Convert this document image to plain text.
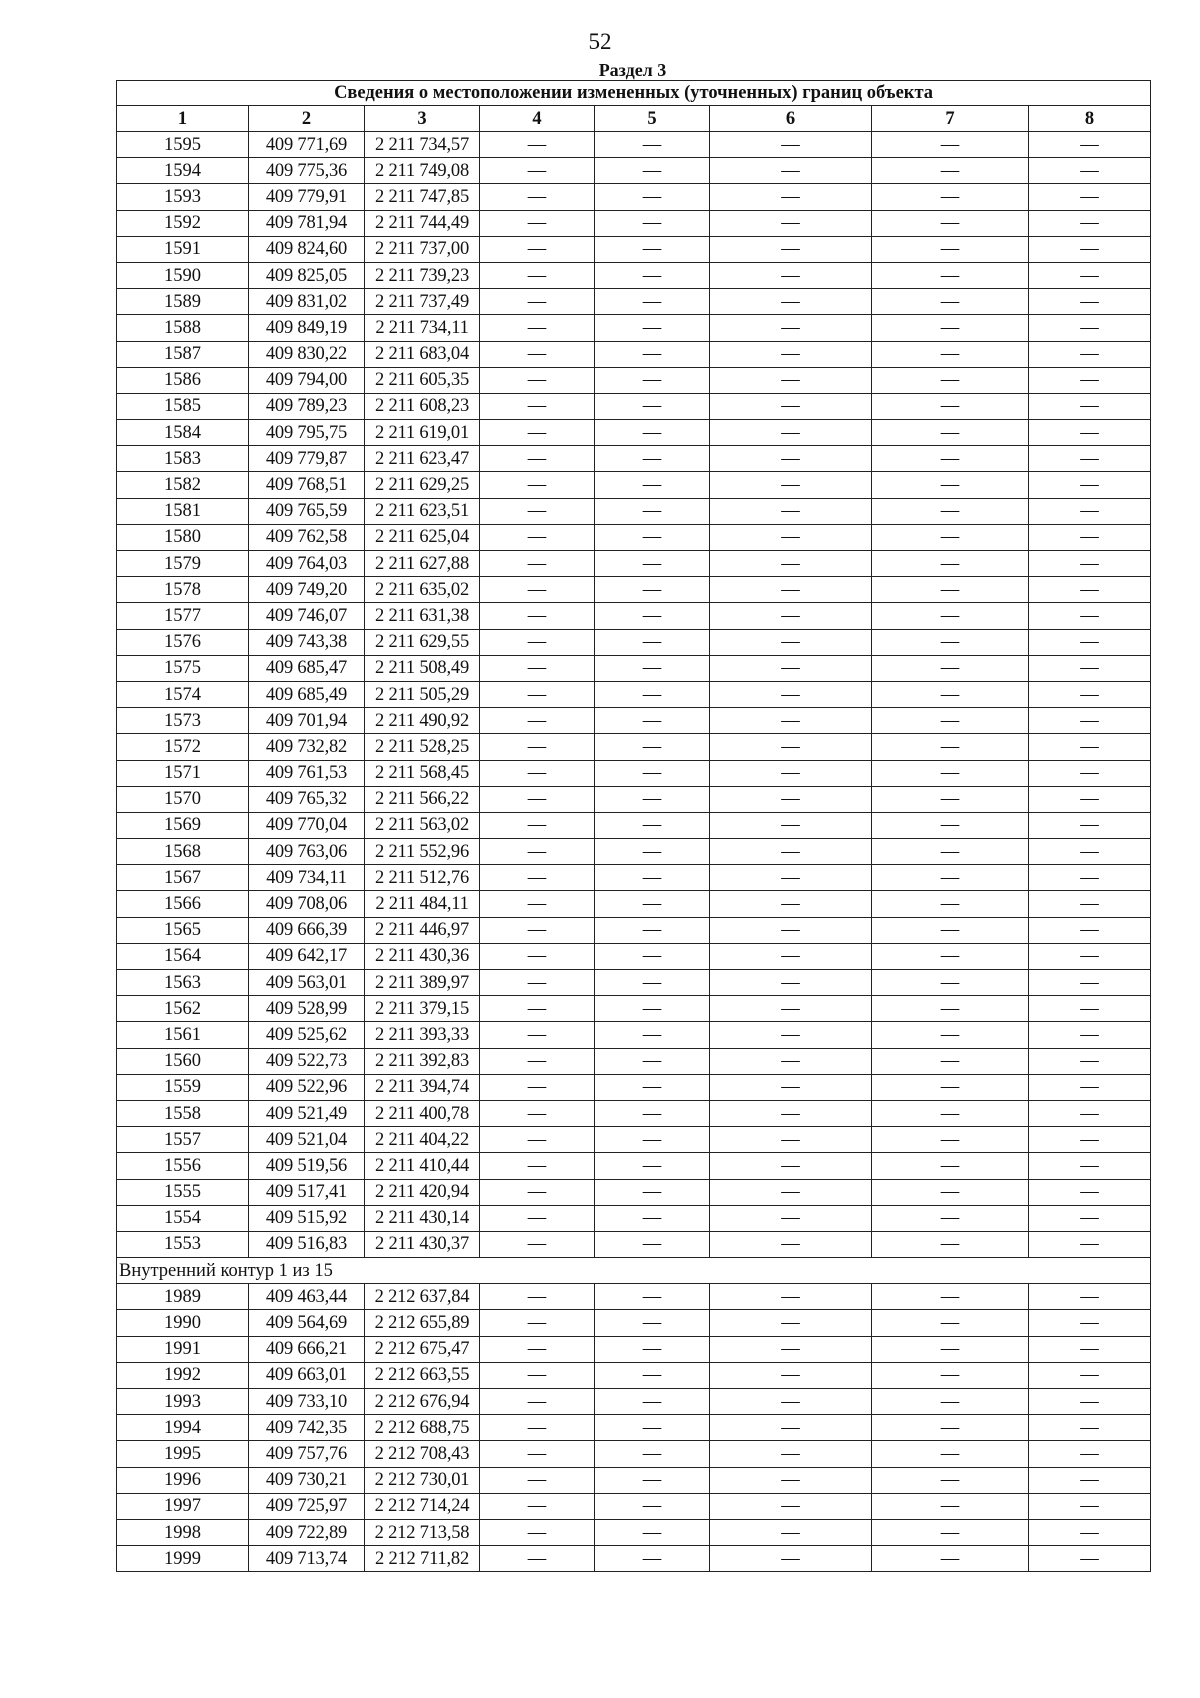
52
Раздел 3
Сведения о местоположении измененных (уточненных) границ объекта							
1	2	3	4	5	6	7	8
1595	409 771,69	2 211 734,57	—	—	—	—	—
1594	409 775,36	2 211 749,08	—	—	—	—	—
1593	409 779,91	2 211 747,85	—	—	—	—	—
1592	409 781,94	2 211 744,49	—	—	—	—	—
1591	409 824,60	2 211 737,00	—	—	—	—	—
1590	409 825,05	2 211 739,23	—	—	—	—	—
1589	409 831,02	2 211 737,49	—	—	—	—	—
1588	409 849,19	2 211 734,11	—	—	—	—	—
1587	409 830,22	2 211 683,04	—	—	—	—	—
1586	409 794,00	2 211 605,35	—	—	—	—	—
1585	409 789,23	2 211 608,23	—	—	—	—	—
1584	409 795,75	2 211 619,01	—	—	—	—	—
1583	409 779,87	2 211 623,47	—	—	—	—	—
1582	409 768,51	2 211 629,25	—	—	—	—	—
1581	409 765,59	2 211 623,51	—	—	—	—	—
1580	409 762,58	2 211 625,04	—	—	—	—	—
1579	409 764,03	2 211 627,88	—	—	—	—	—
1578	409 749,20	2 211 635,02	—	—	—	—	—
1577	409 746,07	2 211 631,38	—	—	—	—	—
1576	409 743,38	2 211 629,55	—	—	—	—	—
1575	409 685,47	2 211 508,49	—	—	—	—	—
1574	409 685,49	2 211 505,29	—	—	—	—	—
1573	409 701,94	2 211 490,92	—	—	—	—	—
1572	409 732,82	2 211 528,25	—	—	—	—	—
1571	409 761,53	2 211 568,45	—	—	—	—	—
1570	409 765,32	2 211 566,22	—	—	—	—	—
1569	409 770,04	2 211 563,02	—	—	—	—	—
1568	409 763,06	2 211 552,96	—	—	—	—	—
1567	409 734,11	2 211 512,76	—	—	—	—	—
1566	409 708,06	2 211 484,11	—	—	—	—	—
1565	409 666,39	2 211 446,97	—	—	—	—	—
1564	409 642,17	2 211 430,36	—	—	—	—	—
1563	409 563,01	2 211 389,97	—	—	—	—	—
1562	409 528,99	2 211 379,15	—	—	—	—	—
1561	409 525,62	2 211 393,33	—	—	—	—	—
1560	409 522,73	2 211 392,83	—	—	—	—	—
1559	409 522,96	2 211 394,74	—	—	—	—	—
1558	409 521,49	2 211 400,78	—	—	—	—	—
1557	409 521,04	2 211 404,22	—	—	—	—	—
1556	409 519,56	2 211 410,44	—	—	—	—	—
1555	409 517,41	2 211 420,94	—	—	—	—	—
1554	409 515,92	2 211 430,14	—	—	—	—	—
1553	409 516,83	2 211 430,37	—	—	—	—	—
Внутренний контур 1 из 15							
1989	409 463,44	2 212 637,84	—	—	—	—	—
1990	409 564,69	2 212 655,89	—	—	—	—	—
1991	409 666,21	2 212 675,47	—	—	—	—	—
1992	409 663,01	2 212 663,55	—	—	—	—	—
1993	409 733,10	2 212 676,94	—	—	—	—	—
1994	409 742,35	2 212 688,75	—	—	—	—	—
1995	409 757,76	2 212 708,43	—	—	—	—	—
1996	409 730,21	2 212 730,01	—	—	—	—	—
1997	409 725,97	2 212 714,24	—	—	—	—	—
1998	409 722,89	2 212 713,58	—	—	—	—	—
1999	409 713,74	2 212 711,82	—	—	—	—	—
